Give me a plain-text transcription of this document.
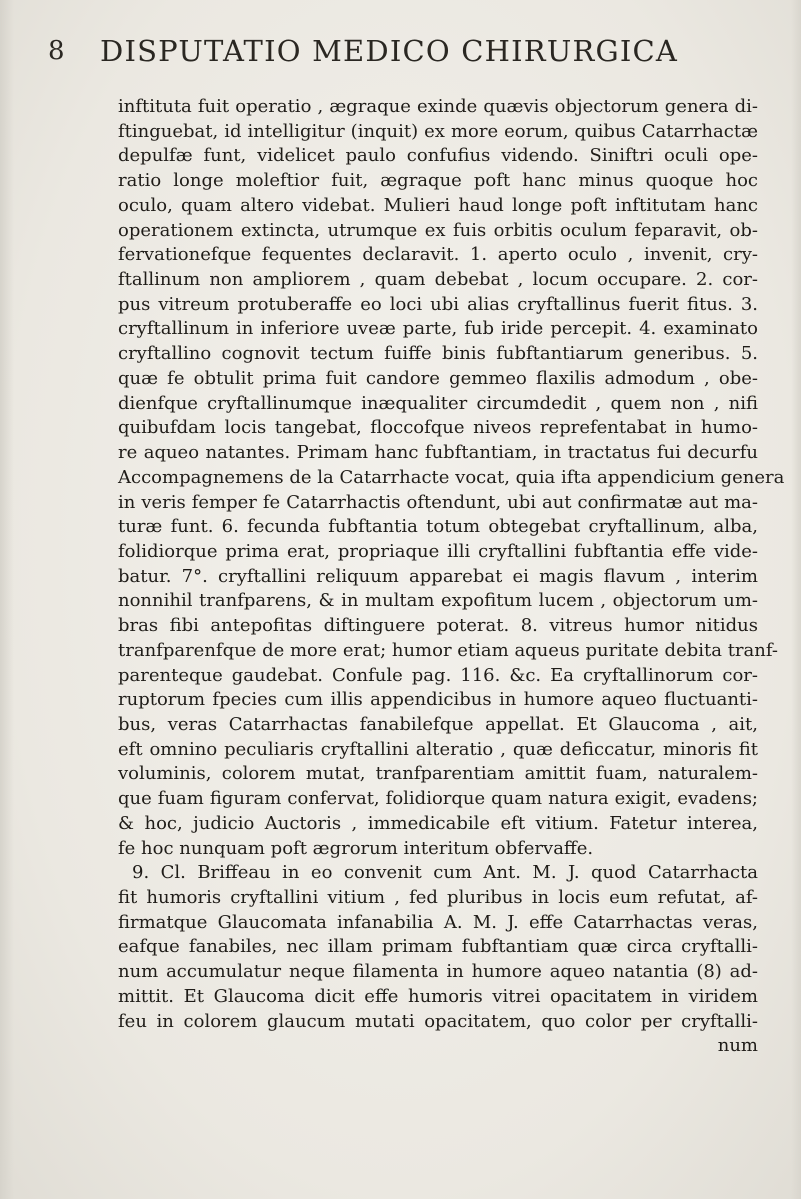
8 DISPUTATIO MEDICO CHIRURGICA
inftituta fuit operatio , ægraque exinde quævis objectorum genera di-
ftinguebat, id intelligitur (inquit) ex more eorum, quibus Catarrhactæ
depulfæ funt, videlicet paulo confufius videndo. Siniftri oculi ope-
ratio longe moleftior fuit, ægraque poft hanc minus quoque hoc
oculo, quam altero videbat. Mulieri haud longe poft inftitutam hanc
operationem extincta, utrumque ex fuis orbitis oculum feparavit, ob-
fervationefque fequentes declaravit. 1. aperto oculo , invenit, cry-
ftallinum non ampliorem , quam debebat , locum occupare. 2. cor-
pus vitreum protuberaffe eo loci ubi alias cryftallinus fuerit fitus. 3.
cryftallinum in inferiore uveæ parte, fub iride percepit. 4. examinato
cryftallino cognovit tectum fuiffe binis fubftantiarum generibus. 5.
quæ fe obtulit prima fuit candore gemmeo flaxilis admodum , obe-
dienfque cryftallinumque inæqualiter circumdedit , quem non , nifi
quibufdam locis tangebat, floccofque niveos reprefentabat in humo-
re aqueo natantes. Primam hanc fubftantiam, in tractatus fui decurfu
Accompagnemens de la Catarrhacte vocat, quia ifta appendicium genera
in veris femper fe Catarrhactis oftendunt, ubi aut confirmatæ aut ma-
turæ funt. 6. fecunda fubftantia totum obtegebat cryftallinum, alba,
folidiorque prima erat, propriaque illi cryftallini fubftantia effe vide-
batur. 7°. cryftallini reliquum apparebat ei magis flavum , interim
nonnihil tranfparens, & in multam expofitum lucem , objectorum um-
bras fibi antepofitas diftinguere poterat. 8. vitreus humor nitidus
tranfparenfque de more erat; humor etiam aqueus puritate debita tranf-
parenteque gaudebat. Confule pag. 116. &c. Ea cryftallinorum cor-
ruptorum fpecies cum illis appendicibus in humore aqueo fluctuanti-
bus, veras Catarrhactas fanabilefque appellat. Et Glaucoma , ait,
eft omnino peculiaris cryftallini alteratio , quæ deficcatur, minoris fit
voluminis, colorem mutat, tranfparentiam amittit fuam, naturalem-
que fuam figuram confervat, folidiorque quam natura exigit, evadens;
& hoc, judicio Auctoris , immedicabile eft vitium. Fatetur interea,
fe hoc nunquam poft ægrorum interitum obfervaffe.
9. Cl. Briffeau in eo convenit cum Ant. M. J. quod Catarrhacta
fit humoris cryftallini vitium , fed pluribus in locis eum refutat, af-
firmatque Glaucomata infanabilia A. M. J. effe Catarrhactas veras,
eafque fanabiles, nec illam primam fubftantiam quæ circa cryftalli-
num accumulatur neque filamenta in humore aqueo natantia (8) ad-
mittit. Et Glaucoma dicit effe humoris vitrei opacitatem in viridem
feu in colorem glaucum mutati opacitatem, quo color per cryftalli-
num
